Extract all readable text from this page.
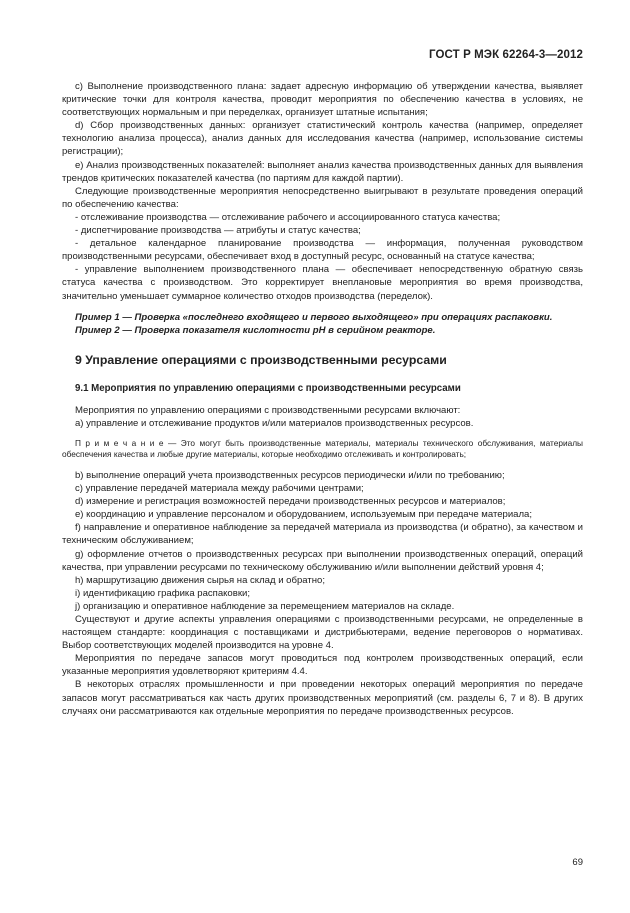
ГОСТ Р МЭК 62264-3—2012

c) Выполнение производственного плана: задает адресную информацию об утверждении качества, выявляет критические точки для контроля качества, проводит мероприятия по обеспечению качества в условиях, не соответствующих нормальным и при переделках, организует штатные испытания;

d) Сбор производственных данных: организует статистический контроль качества (например, определяет технологию анализа процесса), анализ данных для исследования качества (например, использование системы регистрации);

e) Анализ производственных показателей: выполняет анализ качества производственных данных для выявления трендов критических показателей качества (по партиям для каждой партии).

Следующие производственные мероприятия непосредственно выигрывают в результате проведения операций по обеспечению качества:

- отслеживание производства — отслеживание рабочего и ассоциированного статуса качества;

- диспетчирование производства — атрибуты и статус качества;

- детальное календарное планирование производства — информация, полученная руководством производственными ресурсами, обеспечивает вход в доступный ресурс, основанный на статусе качества;

- управление выполнением производственного плана — обеспечивает непосредственную обратную связь статуса качества с производством. Это корректирует внеплановые мероприятия во время производства, значительно уменьшает суммарное количество отходов производства (переделок).

Пример 1 — Проверка «последнего входящего и первого выходящего» при операциях распаковки.

Пример 2 — Проверка показателя кислотности pH в серийном реакторе.

9 Управление операциями с производственными ресурсами
9.1 Мероприятия по управлению операциями с производственными ресурсами

Мероприятия по управлению операциями с производственными ресурсами включают:

a) управление и отслеживание продуктов и/или материалов производственных ресурсов.

П р и м е ч а н и е — Это могут быть производственные материалы, материалы технического обслуживания, материалы обеспечения качества и любые другие материалы, которые необходимо отслеживать и контролировать;

b) выполнение операций учета производственных ресурсов периодически и/или по требованию;

c) управление передачей материала между рабочими центрами;

d) измерение и регистрация возможностей передачи производственных ресурсов и материалов;

e) координацию и управление персоналом и оборудованием, используемым при передаче материала;

f) направление и оперативное наблюдение за передачей материала из производства (и обратно), за качеством и техническим обслуживанием;

g) оформление отчетов о производственных ресурсах при выполнении производственных операций, операций качества, при управлении ресурсами по техническому обслуживанию и/или выполнении действий уровня 4;

h) маршрутизацию движения сырья на склад и обратно;

i) идентификацию графика распаковки;

j) организацию и оперативное наблюдение за перемещением материалов на складе.

Существуют и другие аспекты управления операциями с производственными ресурсами, не определенные в настоящем стандарте: координация с поставщиками и дистрибьютерами, ведение переговоров о нормативах. Выбор соответствующих моделей производится на уровне 4.

Мероприятия по передаче запасов могут проводиться под контролем производственных операций, если указанные мероприятия удовлетворяют критериям 4.4.

В некоторых отраслях промышленности и при проведении некоторых операций мероприятия по передаче запасов могут рассматриваться как часть других производственных мероприятий (см. разделы 6, 7 и 8). В других случаях они рассматриваются как отдельные мероприятия по передаче производственных ресурсов.

69
